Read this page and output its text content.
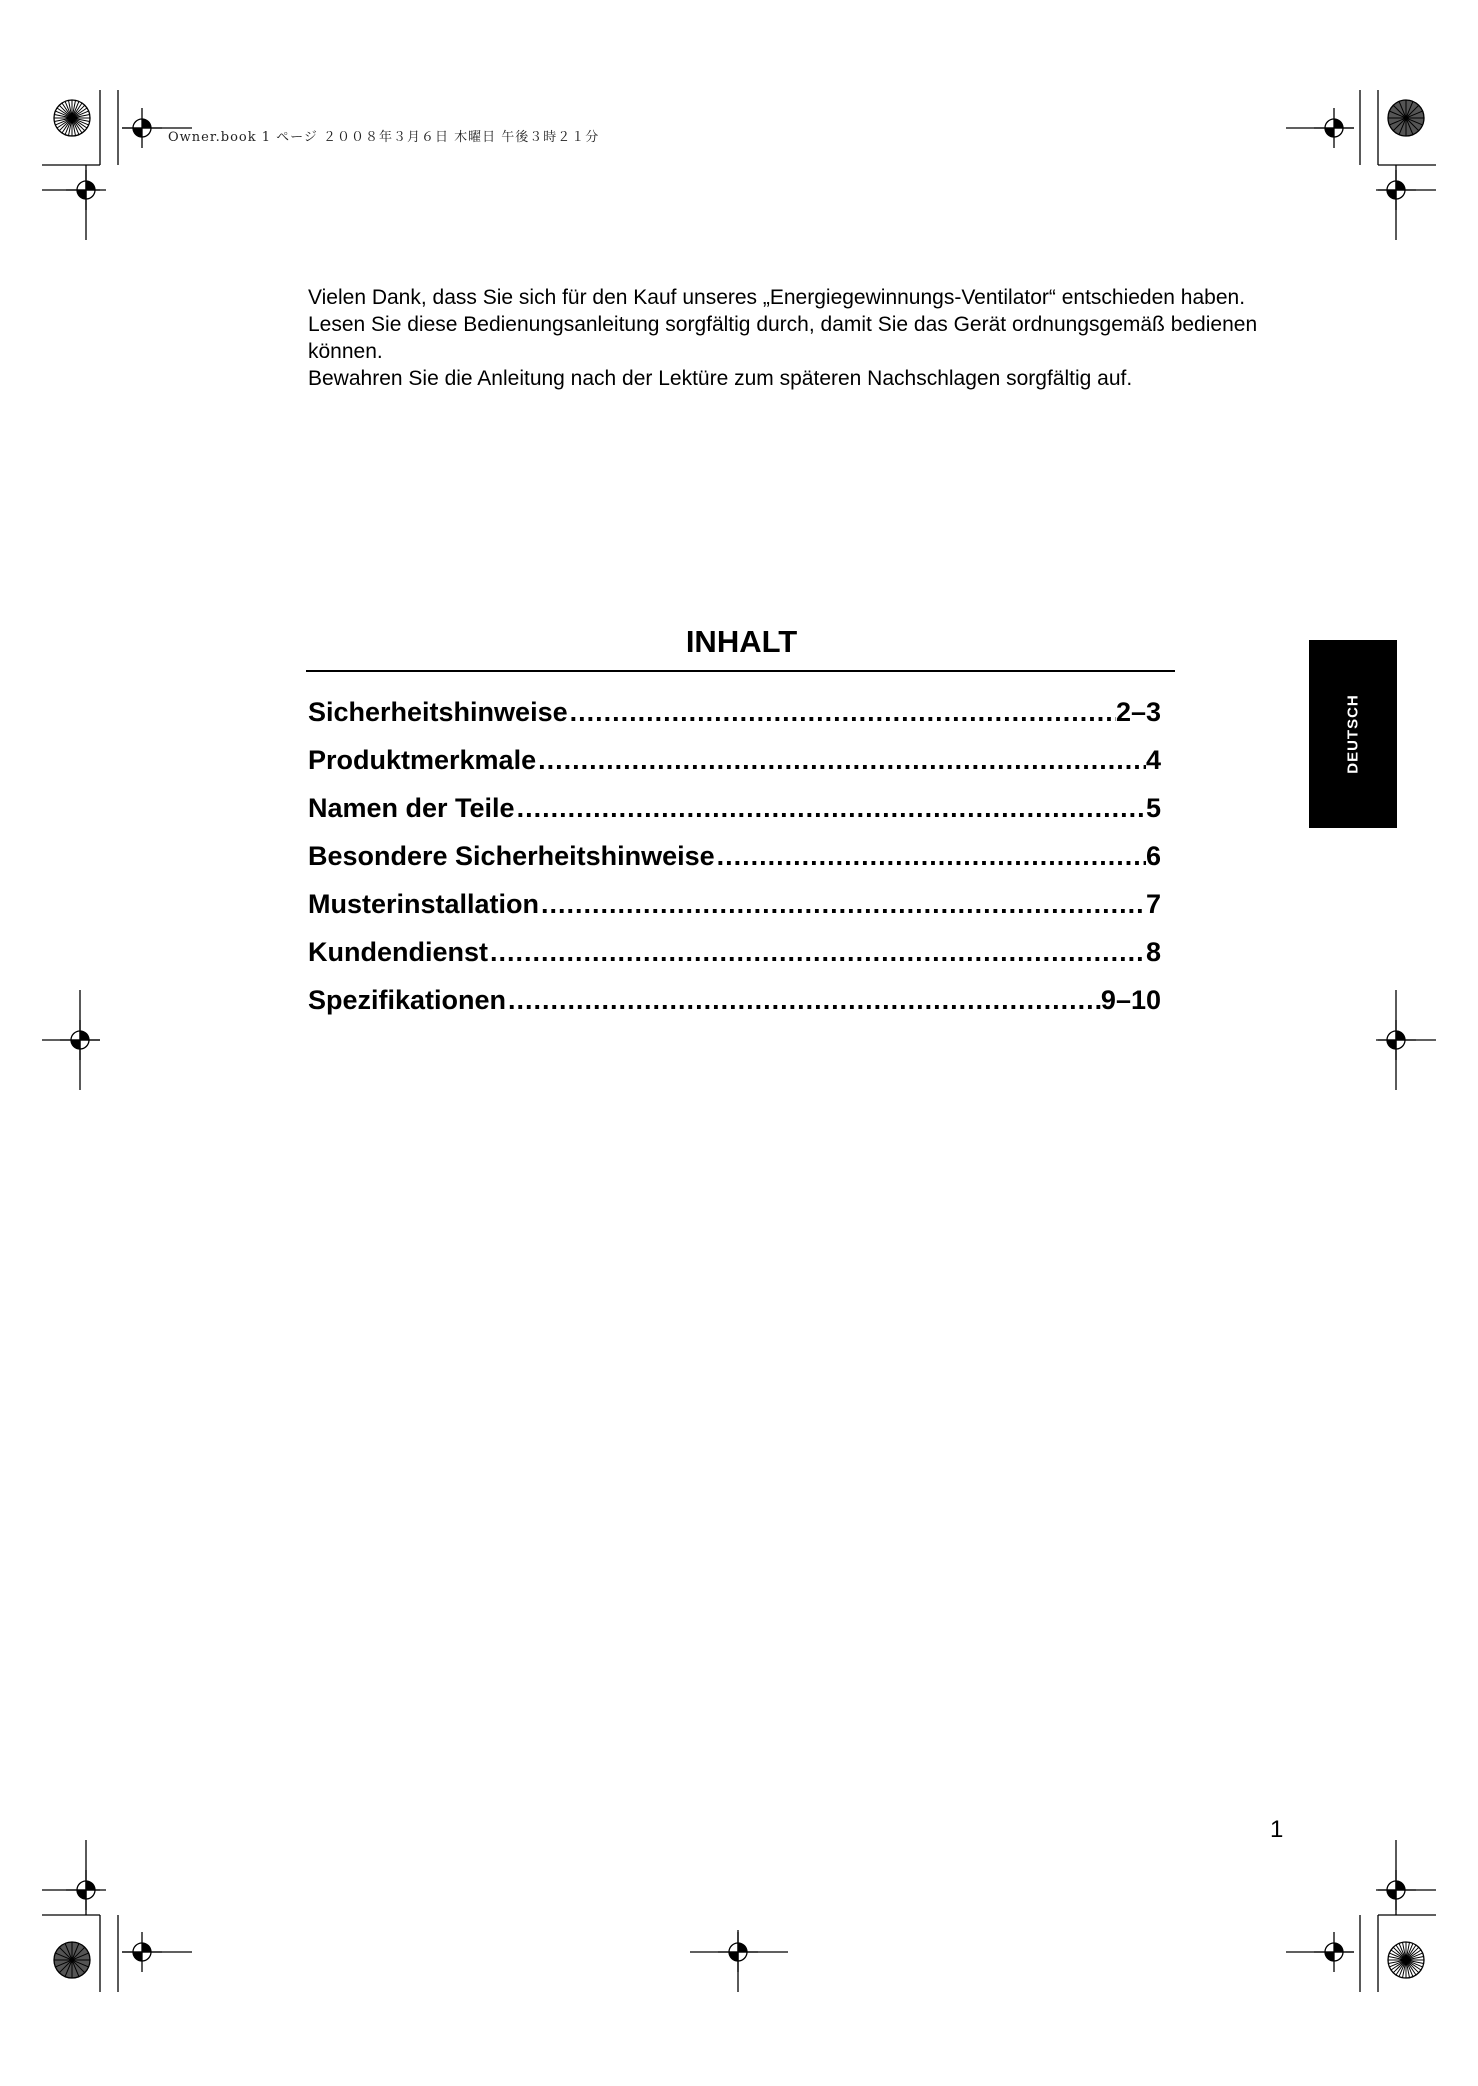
Owner.book 1 ページ ２００８年３月６日 木曜日 午後３時２１分

Vielen Dank, dass Sie sich für den Kauf unseres „Energiegewinnungs-Ventilator“ entschieden haben.

Lesen Sie diese Bedienungsanleitung sorgfältig durch, damit Sie das Gerät ordnungsgemäß bedienen können.

Bewahren Sie die Anleitung nach der Lektüre zum späteren Nachschlagen sorgfältig auf.

INHALT
Sicherheitshinweise .....	2–3
Produktmerkmale .....	4
Namen der Teile .....	5
Besondere Sicherheitshinweise .....	6
Musterinstallation .....	7
Kundendienst .....	8
Spezifikationen .....	9–10
DEUTSCH
1
